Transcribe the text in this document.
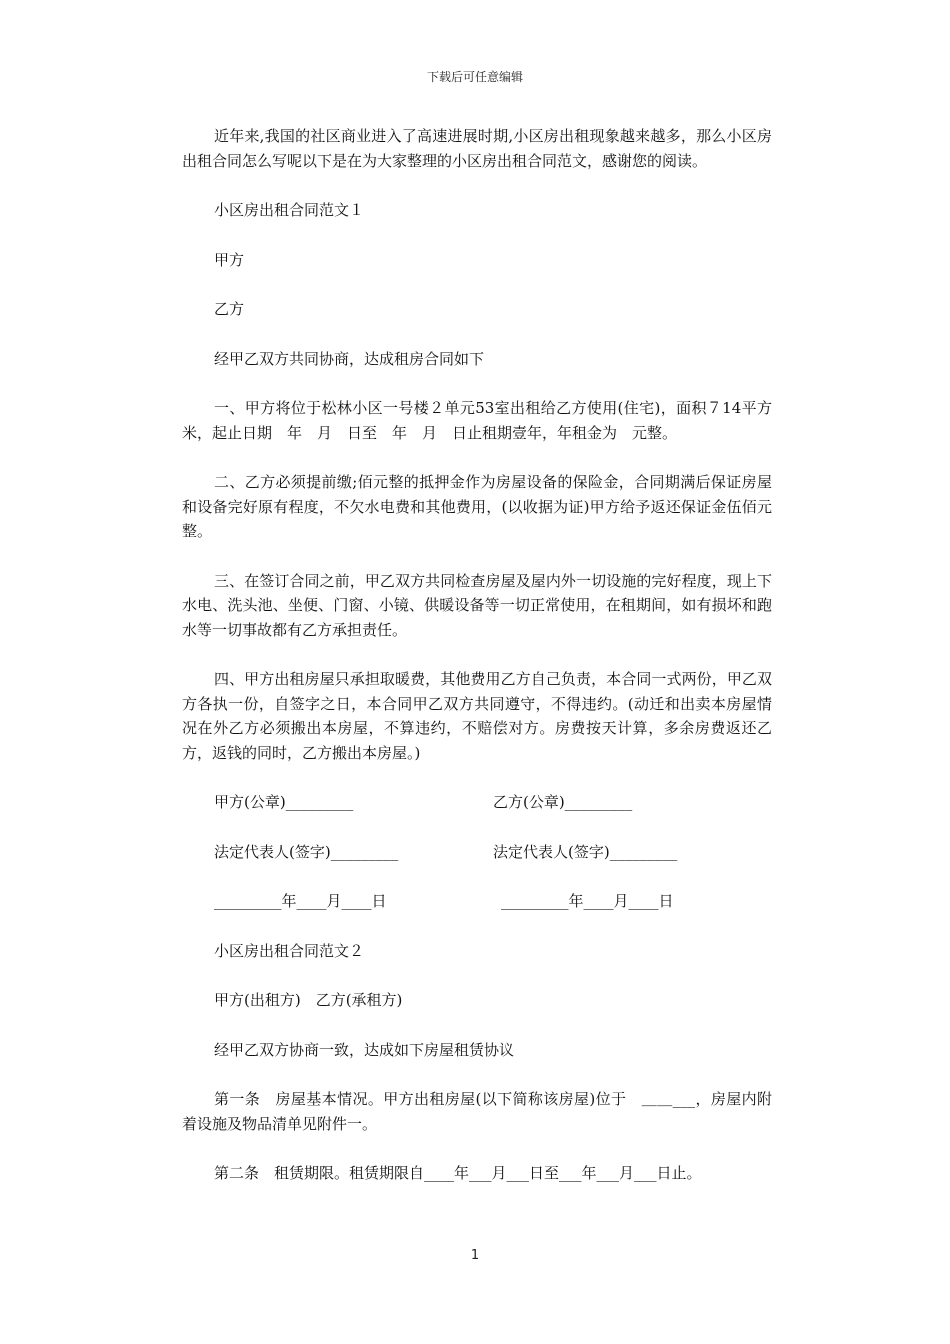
下载后可任意编辑

近年来,我国的社区商业进入了高速进展时期,小区房出租现象越来越多，那么小区房出租合同怎么写呢以下是在为大家整理的小区房出租合同范文，感谢您的阅读。

小区房出租合同范文１

甲方

乙方

经甲乙双方共同协商，达成租房合同如下

一、甲方将位于松林小区一号楼２单元53室出租给乙方使用(住宅)，面积７14平方米，起止日期　年　月　日至　年　月　日止租期壹年，年租金为　元整。

二、乙方必须提前缴;佰元整的抵押金作为房屋设备的保险金，合同期满后保证房屋和设备完好原有程度，不欠水电费和其他费用，(以收据为证)甲方给予返还保证金伍佰元整。

三、在签订合同之前，甲乙双方共同检查房屋及屋内外一切设施的完好程度，现上下水电、洗头池、坐便、门窗、小镜、供暖设备等一切正常使用，在租期间，如有损坏和跑水等一切事故都有乙方承担责任。

四、甲方出租房屋只承担取暖费，其他费用乙方自己负责，本合同一式两份，甲乙双方各执一份，自签字之日，本合同甲乙双方共同遵守，不得违约。(动迁和出卖本房屋情况在外乙方必须搬出本房屋，不算违约，不赔偿对方。房费按天计算，多余房费返还乙方，返钱的同时，乙方搬出本房屋。)

甲方(公章)_________	乙方(公章)_________
法定代表人(签字)_________	法定代表人(签字)_________
_________年____月____日	_________年____月____日

小区房出租合同范文２

甲方(出租方)　乙方(承租方)

经甲乙双方协商一致，达成如下房屋租赁协议

第一条　房屋基本情况。甲方出租房屋(以下简称该房屋)位于　＿＿___，房屋内附着设施及物品清单见附件一。

第二条　租赁期限。租赁期限自____年___月___日至___年___月___日止。

1
